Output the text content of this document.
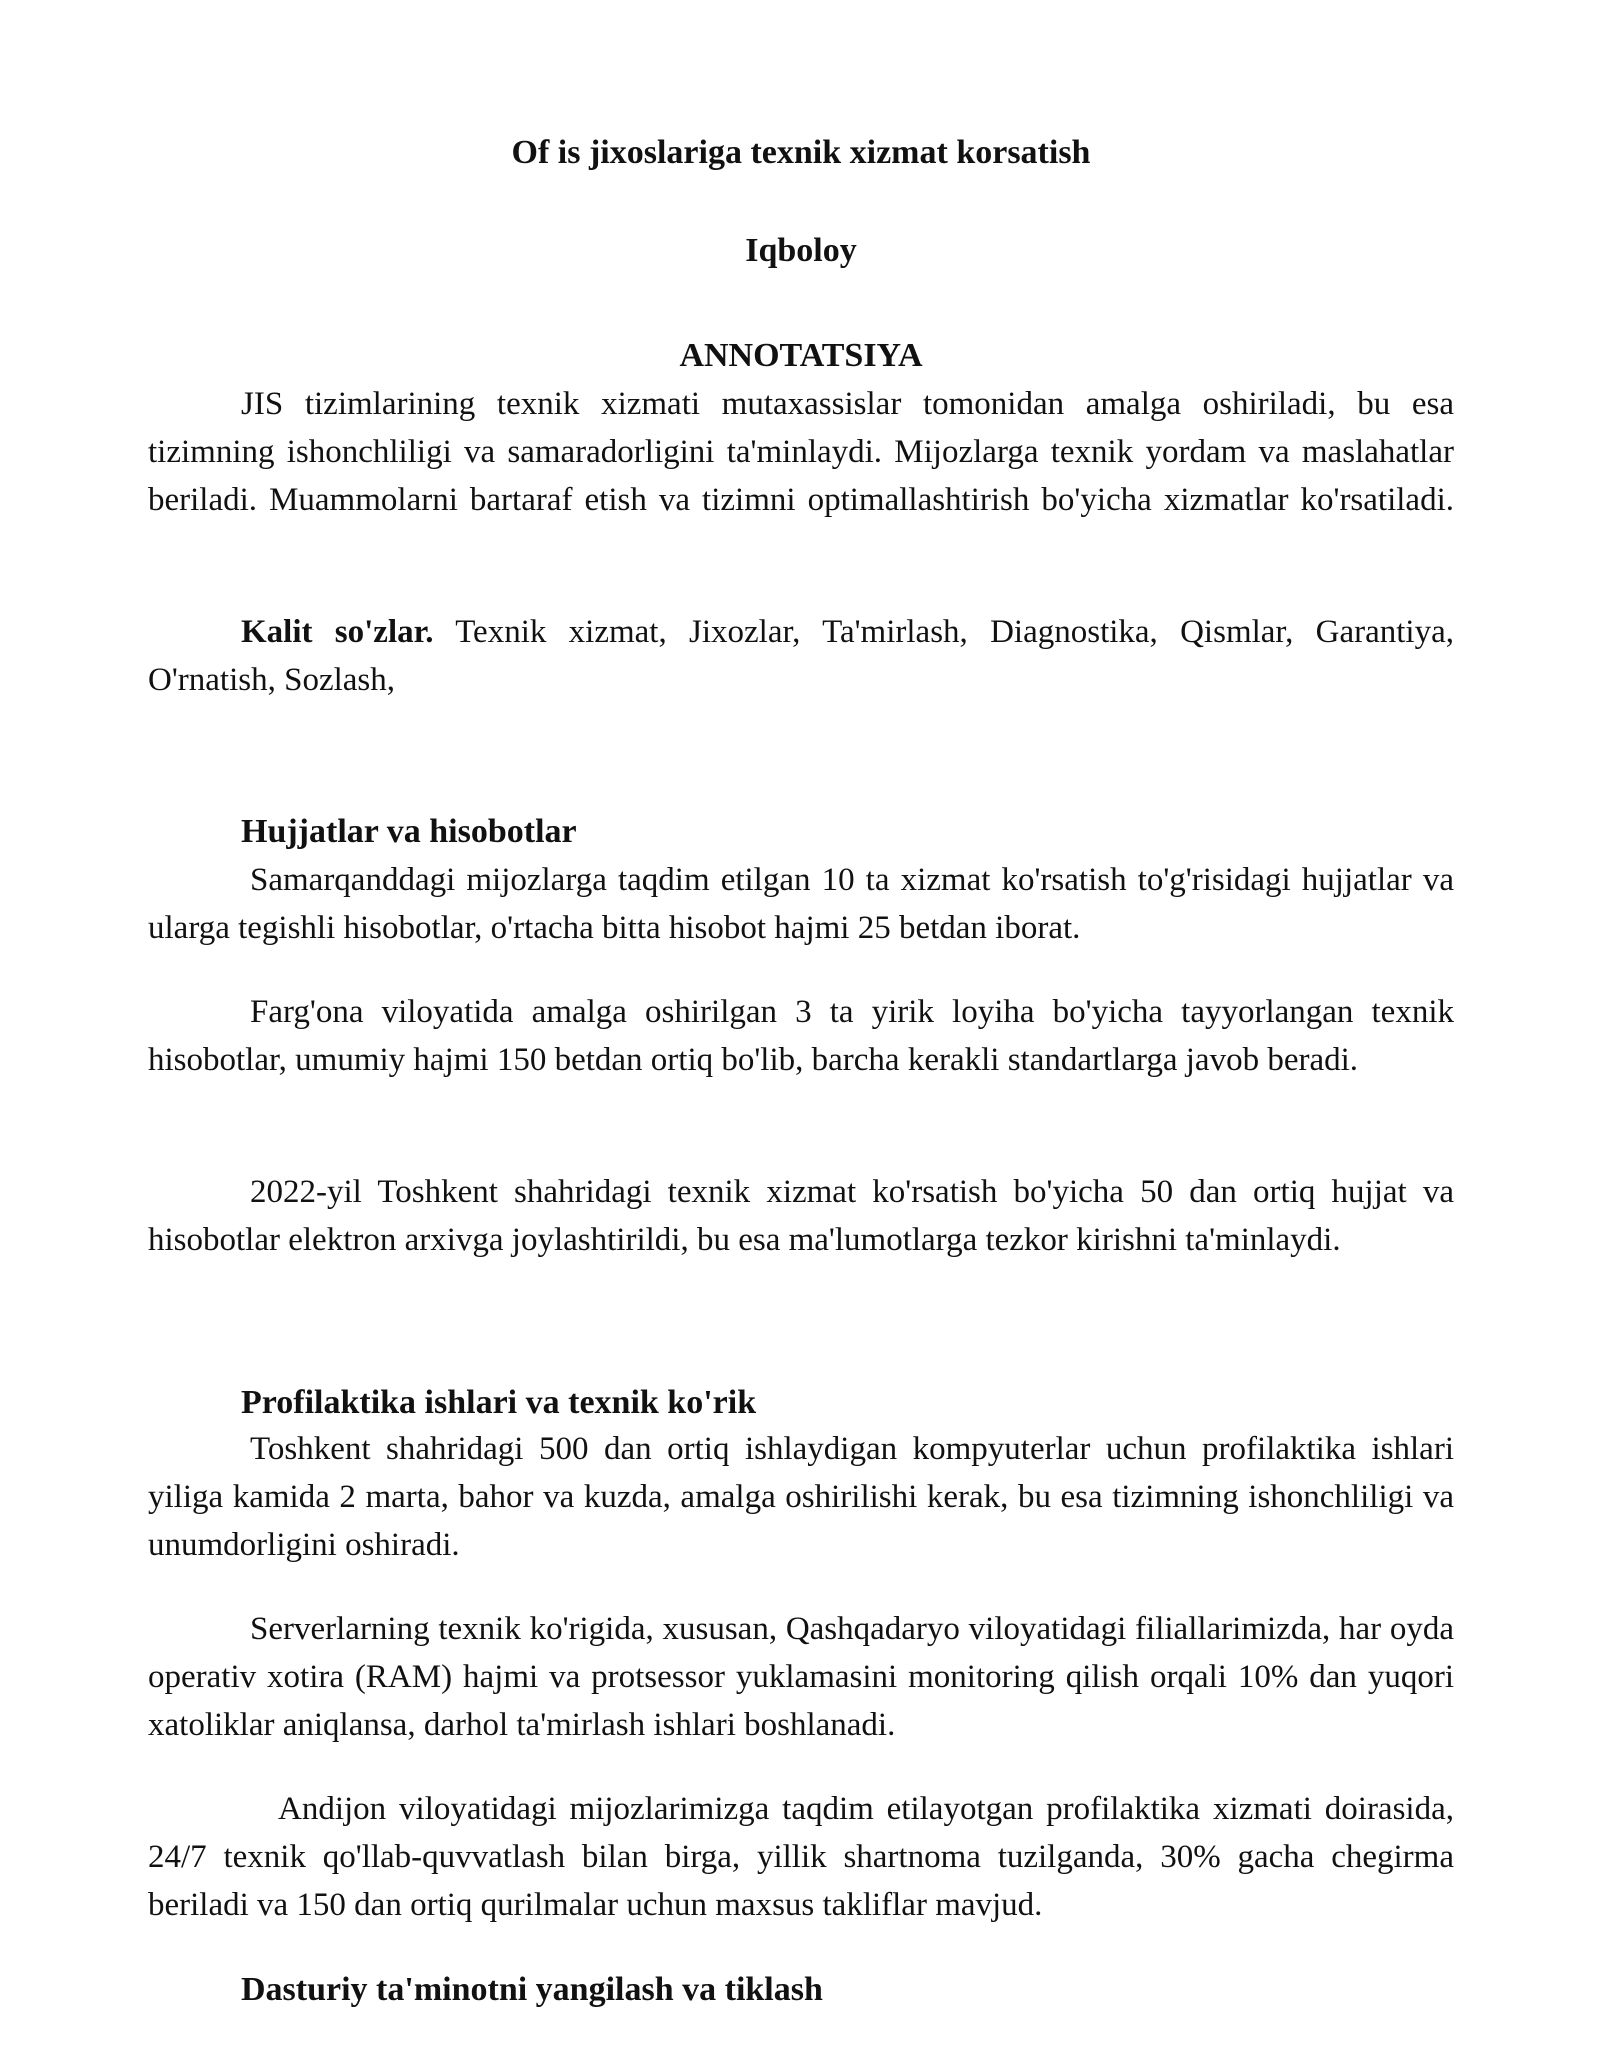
Of is jixoslariga texnik xizmat korsatish
Iqboloy
ANNOTATSIYA

JIS tizimlarining texnik xizmati mutaxassislar tomonidan amalga oshiriladi, bu esa tizimning ishonchliligi va samaradorligini ta'minlaydi. Mijozlarga texnik yordam va maslahatlar beriladi. Muammolarni bartaraf etish va tizimni optimallashtirish bo'yicha xizmatlar ko'rsatiladi.

Kalit so'zlar. Texnik xizmat, Jixozlar, Ta'mirlash, Diagnostika, Qismlar, Garantiya, O'rnatish, Sozlash,

Hujjatlar va hisobotlar

Samarqanddagi mijozlarga taqdim etilgan 10 ta xizmat ko'rsatish to'g'risidagi hujjatlar va ularga tegishli hisobotlar, o'rtacha bitta hisobot hajmi 25 betdan iborat.

Farg'ona viloyatida amalga oshirilgan 3 ta yirik loyiha bo'yicha tayyorlangan texnik hisobotlar, umumiy hajmi 150 betdan ortiq bo'lib, barcha kerakli standartlarga javob beradi.

2022-yil Toshkent shahridagi texnik xizmat ko'rsatish bo'yicha 50 dan ortiq hujjat va hisobotlar elektron arxivga joylashtirildi, bu esa ma'lumotlarga tezkor kirishni ta'minlaydi.

Profilaktika ishlari va texnik ko'rik

Toshkent shahridagi 500 dan ortiq ishlaydigan kompyuterlar uchun profilaktika ishlari yiliga kamida 2 marta, bahor va kuzda, amalga oshirilishi kerak, bu esa tizimning ishonchliligi va unumdorligini oshiradi.

Serverlarning texnik ko'rigida, xususan, Qashqadaryo viloyatidagi filiallarimizda, har oyda operativ xotira (RAM) hajmi va protsessor yuklamasini monitoring qilish orqali 10% dan yuqori xatoliklar aniqlansa, darhol ta'mirlash ishlari boshlanadi.

Andijon viloyatidagi mijozlarimizga taqdim etilayotgan profilaktika xizmati doirasida, 24/7 texnik qo'llab-quvvatlash bilan birga, yillik shartnoma tuzilganda, 30% gacha chegirma beriladi va 150 dan ortiq qurilmalar uchun maxsus takliflar mavjud.

Dasturiy ta'minotni yangilash va tiklash
